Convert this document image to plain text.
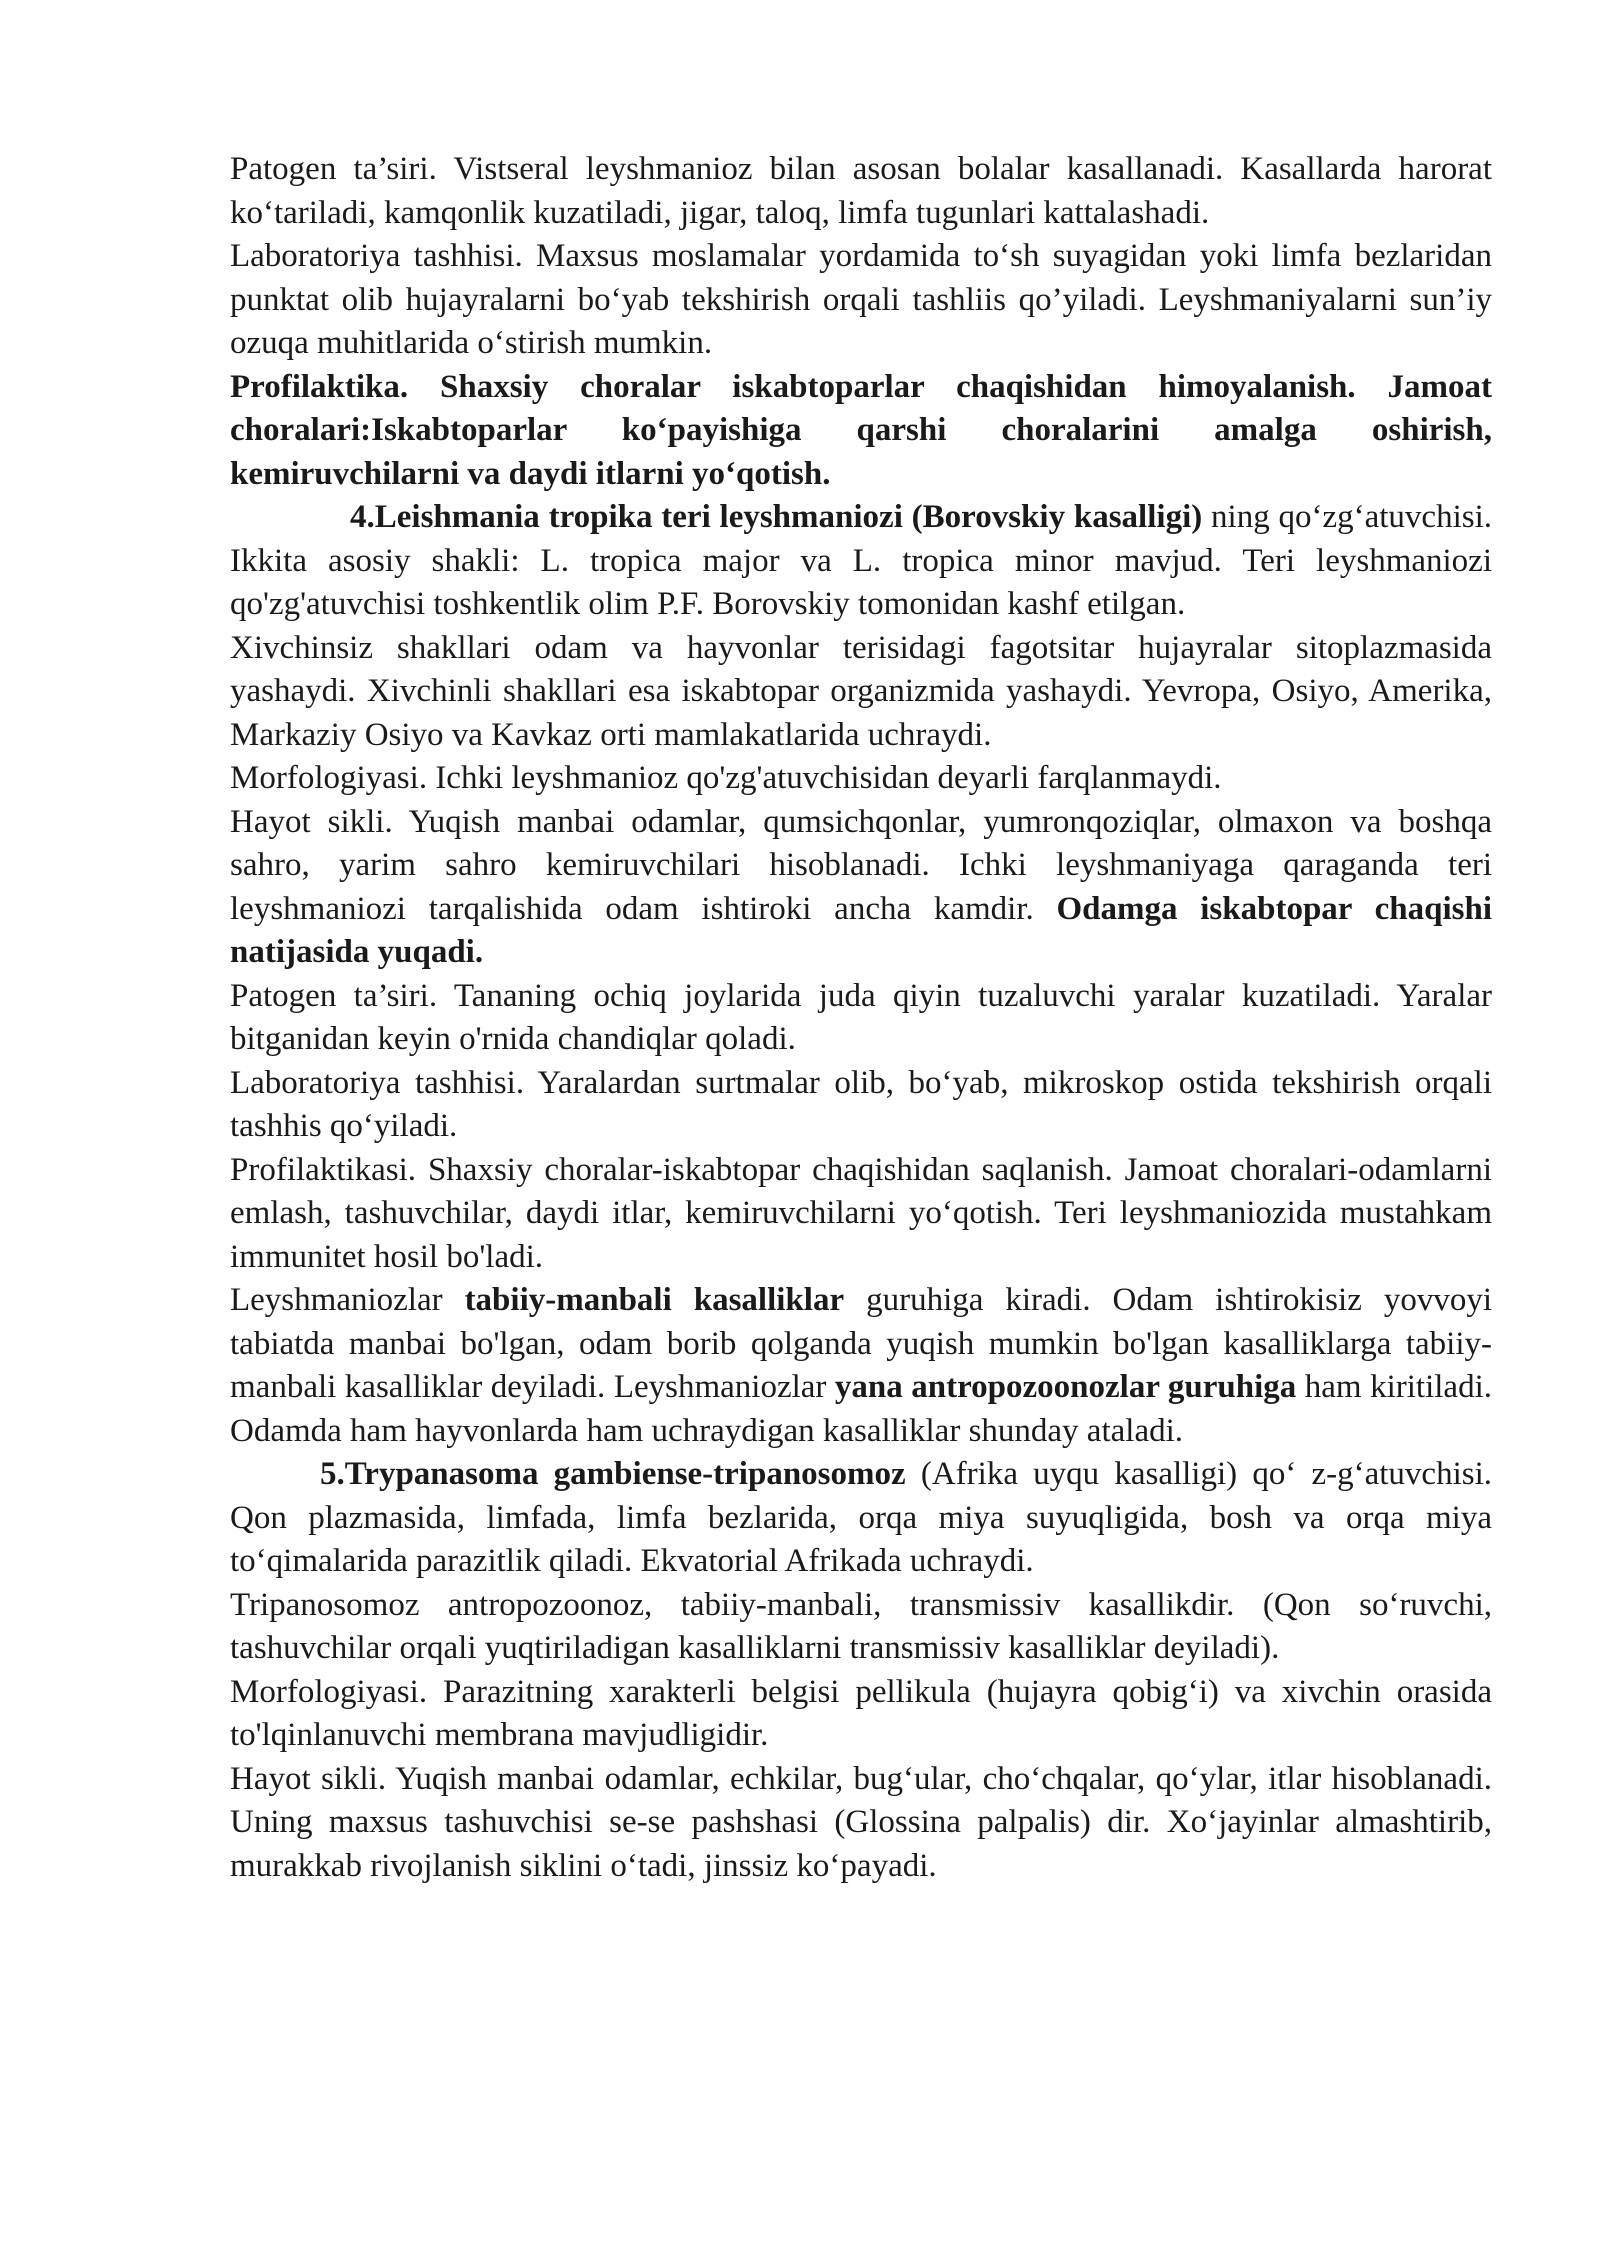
Patogen ta’siri. Vistseral leyshmanioz bilan asosan bolalar kasallanadi. Kasallarda harorat ko‘tariladi, kamqonlik kuzatiladi, jigar, taloq, limfa tugunlari kattalashadi.

Laboratoriya tashhisi. Maxsus moslamalar yordamida to‘sh suyagidan yoki limfa bezlaridan punktat olib hujayralarni bo‘yab tekshirish orqali tashliis qo’yiladi. Leyshmaniyalarni sun’iy ozuqa muhitlarida o‘stirish mumkin.

Profilaktika. Shaxsiy choralar iskabtoparlar chaqishidan himoyalanish. Jamoat choralari:Iskabtoparlar ko‘payishiga qarshi choralarini amalga oshirish, kemiruvchilarni va daydi itlarni yo‘qotish.

4.Leishmania tropika teri leyshmaniozi (Borovskiy kasalligi) ning qo‘zg‘atuvchisi. Ikkita asosiy shakli: L. tropica major va L. tropica minor mavjud. Teri leyshmaniozi qo'zg'atuvchisi toshkentlik olim P.F. Borovskiy tomonidan kashf etilgan.

Xivchinsiz shakllari odam va hayvonlar terisidagi fagotsitar hujayralar sitoplazmasida yashaydi. Xivchinli shakllari esa iskabtopar organizmida yashaydi. Yevropa, Osiyo, Amerika, Markaziy Osiyo va Kavkaz orti mamlakatlarida uchraydi.

Morfologiyasi. Ichki leyshmanioz qo'zg'atuvchisidan deyarli farqlanmaydi.

Hayot sikli. Yuqish manbai odamlar, qumsichqonlar, yumronqoziqlar, olmaxon va boshqa sahro, yarim sahro kemiruvchilari hisoblanadi. Ichki leyshmaniyaga qaraganda teri leyshmaniozi tarqalishida odam ishtiroki ancha kamdir. Odamga iskabtopar chaqishi natijasida yuqadi.

Patogen ta’siri. Tananing ochiq joylarida juda qiyin tuzaluvchi yaralar kuzatiladi. Yaralar bitganidan keyin o'rnida chandiqlar qoladi.

Laboratoriya tashhisi. Yaralardan surtmalar olib, bo‘yab, mikroskop ostida tekshirish orqali tashhis qo‘yiladi.

Profilaktikasi. Shaxsiy choralar-iskabtopar chaqishidan saqlanish. Jamoat choralari-odamlarni emlash, tashuvchilar, daydi itlar, kemiruvchilarni yo‘qotish. Teri leyshmaniozida mustahkam immunitet hosil bo'ladi.

Leyshmaniozlar tabiiy-manbali kasalliklar guruhiga kiradi. Odam ishtirokisiz yovvoyi tabiatda manbai bo'lgan, odam borib qolganda yuqish mumkin bo'lgan kasalliklarga tabiiy-manbali kasalliklar deyiladi. Leyshmaniozlar yana antropozoonozlar guruhiga ham kiritiladi. Odamda ham hayvonlarda ham uchraydigan kasalliklar shunday ataladi.

5.Trypanasoma gambiense-tripanosomoz (Afrika uyqu kasalligi) qo‘ z-g‘atuvchisi. Qon plazmasida, limfada, limfa bezlarida, orqa miya suyuqligida, bosh va orqa miya to‘qimalarida parazitlik qiladi. Ekvatorial Afrikada uchraydi.

Tripanosomoz antropozoonoz, tabiiy-manbali, transmissiv kasallikdir. (Qon so‘ruvchi, tashuvchilar orqali yuqtiriladigan kasalliklarni transmissiv kasalliklar deyiladi).

Morfologiyasi. Parazitning xarakterli belgisi pellikula (hujayra qobig‘i) va xivchin orasida to'lqinlanuvchi membrana mavjudligidir.

Hayot sikli. Yuqish manbai odamlar, echkilar, bug‘ular, cho‘chqalar, qo‘ylar, itlar hisoblanadi. Uning maxsus tashuvchisi se-se pashshasi (Glossina palpalis) dir. Xo‘jayinlar almashtirib, murakkab rivojlanish siklini o‘tadi, jinssiz ko‘payadi.
